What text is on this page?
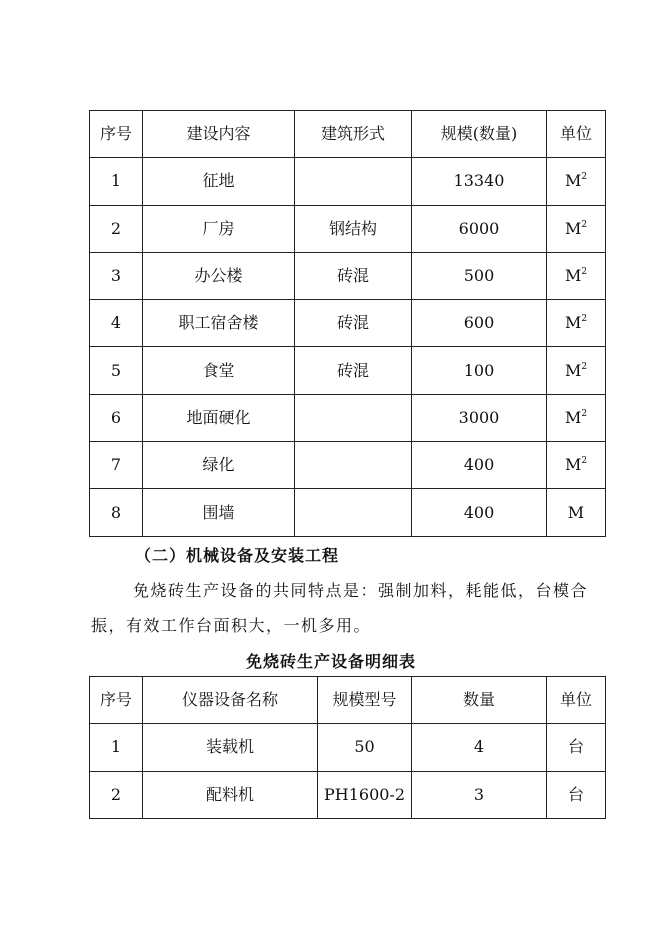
序号	建设内容	建筑形式	规模(数量)	单位
1	征地		13340	$M^2$
2	厂房	钢结构	6000	$M^2$
3	办公楼	砖混	500	$M^2$
4	职工宿舍楼	砖混	600	$M^2$
5	食堂	砖混	100	$M^2$
6	地面硬化		3000	$M^2$
7	绿化		400	$M^2$
8	围墙		400	M
（二）机械设备及安装工程
免烧砖生产设备的共同特点是：强制加料，耗能低，台模合
振，有效工作台面积大，一机多用。
免烧砖生产设备明细表
序号	仪器设备名称	规模型号	数量	单位
1	装载机	50	4	台
2	配料机	PH1600-2	3	台
